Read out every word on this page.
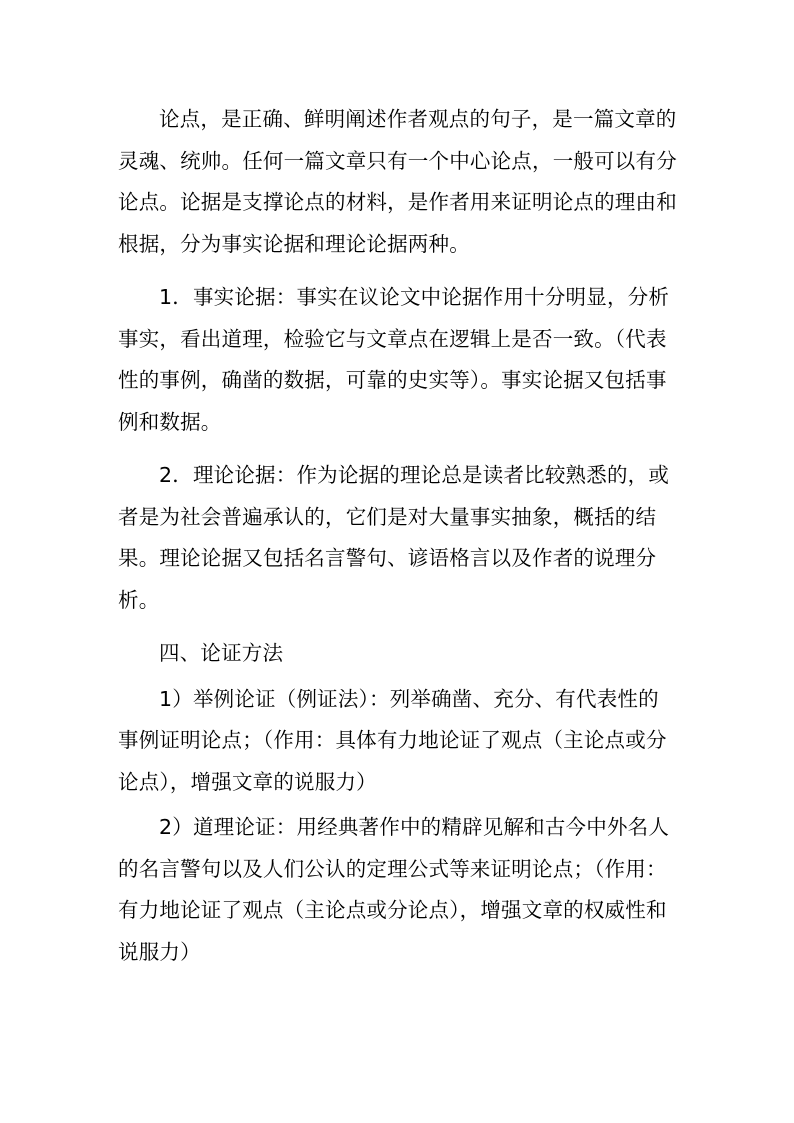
论点，是正确、鲜明阐述作者观点的句子，是一篇文章的灵魂、统帅。任何一篇文章只有一个中心论点，一般可以有分论点。论据是支撑论点的材料，是作者用来证明论点的理由和根据，分为事实论据和理论论据两种。

1．事实论据：事实在议论文中论据作用十分明显，分析事实，看出道理，检验它与文章点在逻辑上是否一致。（代表性的事例，确凿的数据，可靠的史实等）。事实论据又包括事例和数据。

2．理论论据：作为论据的理论总是读者比较熟悉的，或者是为社会普遍承认的，它们是对大量事实抽象，概括的结果。理论论据又包括名言警句、谚语格言以及作者的说理分析。

四、论证方法

1）举例论证（例证法）：列举确凿、充分、有代表性的事例证明论点；（作用：具体有力地论证了观点（主论点或分论点），增强文章的说服力）

2）道理论证：用经典著作中的精辟见解和古今中外名人的名言警句以及人们公认的定理公式等来证明论点；（作用：有力地论证了观点（主论点或分论点），增强文章的权威性和说服力）
